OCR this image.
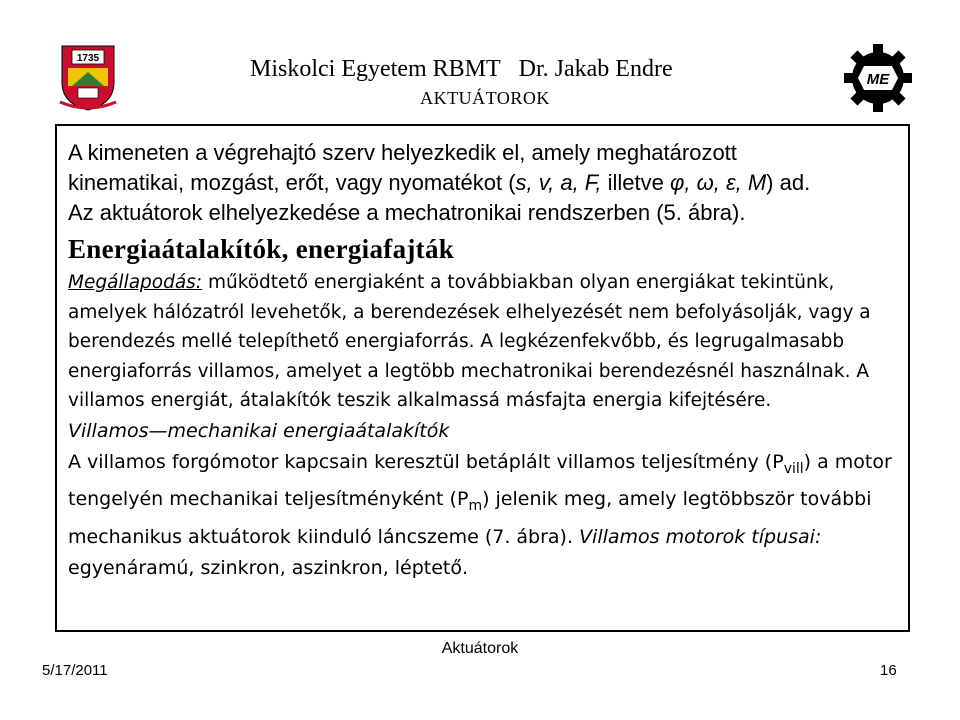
1735
ME
Miskolci Egyetem RBMT Dr. Jakab Endre
AKTUÁTOROK

A kimeneten a végrehajtó szerv helyezkedik el, amely meghatározott
kinematikai, mozgást, erőt, vagy nyomatékot (s, v, a, F, illetve φ, ω, ε, M) ad.
Az aktuátorok elhelyezkedése a mechatronikai rendszerben (5. ábra).

Energiaátalakítók, energiafajták

Megállapodás: működtető energiaként a továbbiakban olyan energiákat tekintünk, amelyek hálózatról levehetők, a berendezések elhelyezését nem befolyásolják, vagy a berendezés mellé telepíthető energiaforrás. A legkézenfekvőbb, és legrugalmasabb energiaforrás villamos, amelyet a legtöbb mechatronikai berendezésnél használnak. A villamos energiát, átalakítók teszik alkalmassá másfajta energia kifejtésére.

Villamos—mechanikai energiaátalakítók
A villamos forgómotor kapcsain keresztül betáplált villamos teljesítmény $(P_{vill})$ a motor tengelyén mechanikai teljesítményként $(P_m)$ jelenik meg, amely legtöbbször további mechanikus aktuátorok kiinduló láncszeme (7. ábra). Villamos motorok típusai: egyenáramú, szinkron, aszinkron, léptető.

5/17/2011
Aktuátorok
16
